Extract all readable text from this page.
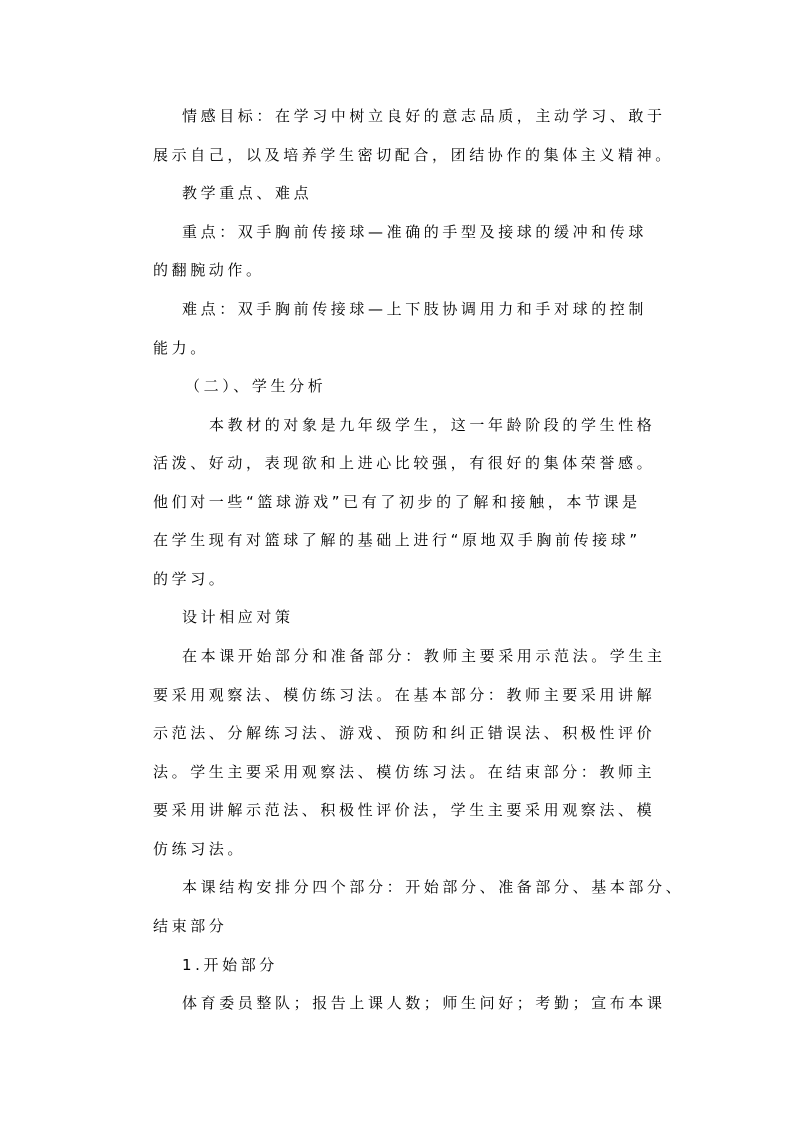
情感目标：在学习中树立良好的意志品质，主动学习、敢于
展示自己，以及培养学生密切配合，团结协作的集体主义精神。
教学重点、难点
重点：双手胸前传接球—准确的手型及接球的缓冲和传球
的翻腕动作。
难点：双手胸前传接球—上下肢协调用力和手对球的控制
能力。
（二）、学生分析
本教材的对象是九年级学生，这一年龄阶段的学生性格
活泼、好动，表现欲和上进心比较强，有很好的集体荣誉感。
他们对一些“篮球游戏”已有了初步的了解和接触，本节课是
在学生现有对篮球了解的基础上进行“原地双手胸前传接球”
的学习。
设计相应对策
在本课开始部分和准备部分：教师主要采用示范法。学生主
要采用观察法、模仿练习法。在基本部分：教师主要采用讲解
示范法、分解练习法、游戏、预防和纠正错误法、积极性评价
法。学生主要采用观察法、模仿练习法。在结束部分：教师主
要采用讲解示范法、积极性评价法，学生主要采用观察法、模
仿练习法。
本课结构安排分四个部分：开始部分、准备部分、基本部分、
结束部分
1.开始部分
体育委员整队；报告上课人数；师生问好；考勤；宣布本课
